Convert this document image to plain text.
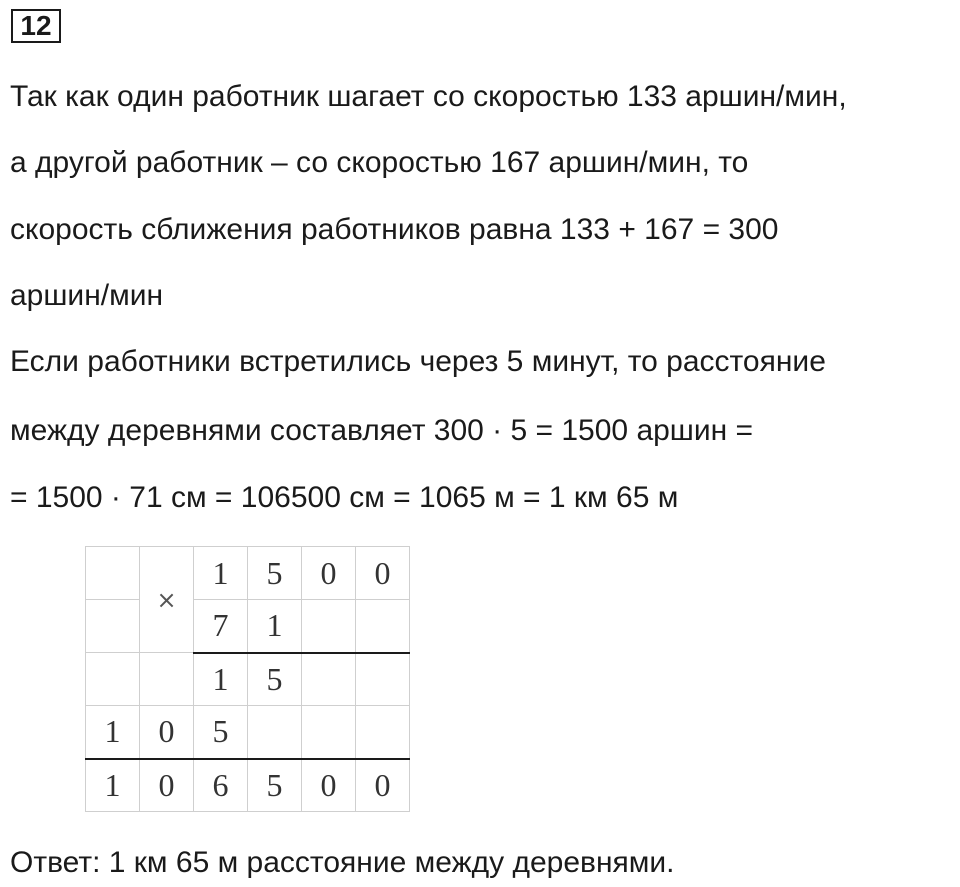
12
Так как один работник шагает со скоростью 133 аршин/мин,
а другой работник – со скоростью 167 аршин/мин, то
скорость сближения работников равна 133 + 167 = 300
аршин/мин
Если работники встретились через 5 минут, то расстояние
между деревнями составляет 300 · 5 = 1500 аршин =
= 1500 · 71 см = 106500 см = 1065 м = 1 км 65 м
	×	1	5	0	0
		7	1		
		1	5		
1	0	5			
1	0	6	5	0	0
Ответ: 1 км 65 м расстояние между деревнями.
